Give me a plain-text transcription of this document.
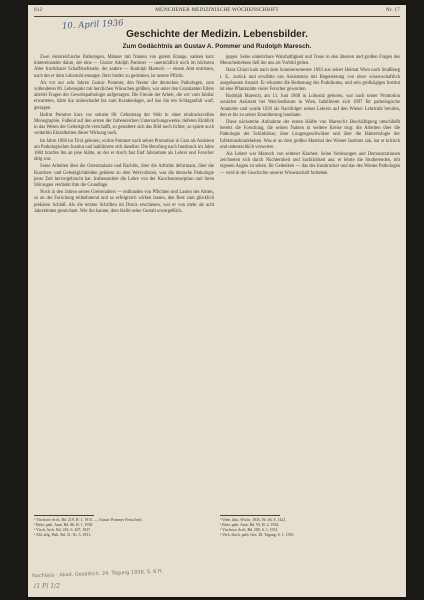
612	MÜNCHENER MEDIZINISCHE WOCHENSCHRIFT	Nr. 17
10. April 1936
Geschichte der Medizin. Lebensbilder.
Zum Gedächtnis an Gustav A. Pommer und Rudolph Maresch.

Zwei österreichische Pathologen, Männer mit Namen von gutem Klange, sanken kurz hintereinander dahin, der eine — Gustav Adolph Pommer — unermüdlich noch im höchsten Alter fruchtbarer Schaffensfreude, der andere — Rudolph Maresch — einem Amt entrissen, nach der er dem Lehrstuhl entsagte. Ihrer beider zu gedenken, ist unsere Pflicht.

Als vor nur acht Jahren Gustav Pommer, den Nestor der deutschen Pathologen, zum vollendeten 80. Lebensjahr mit herzlichen Wünschen grüßten, war unter den Gratulanten Eifers allerlei Fragen der Gewebspathologie aufgetragen. Die Freude der Arbeit, die wir vom Jubilar erwarteten, hätte ihn unbeschadet bis zum Krankenlager, auf das ihn ein Schlaganfall warf, getragen.

Hofrat Pommer kurz vor seinem 80. Geburtstag der Welt in einer eindrucksvollen Monographie, Fußend auf den ersten der farbenreichen Untersuchungswerke, tieferen Einblick in das Wesen der Gelenkgicht verschafft, so gestaltete sich das Bild noch lichter, so spärte auch weiterhin Einzelheiten dieser Wirkung nach.

Im Jahre 1868 im Tirol geboren, wirkte Pommer nach seiner Promotion in Graz als Assistent am Pathologischen Institut und habilitierte sich daselbst. Die Berufung nach Innsbruck im Jahre 1884 brachte ihn an jene Stätte, an der er durch fast fünf Jahrzehnte als Lehrer und Forscher tätig war.

Seine Arbeiten über die Osteomalazie und Rachitis, über die Arthritis deformans, über die Knochen- und Gelenkgichtleiden gehören zu dem Wertvollsten, was die deutsche Pathologie jener Zeit hervorgebracht hat. Insbesondere die Lehre von der Knochenresorption und ihren Störungen verdankt ihm die Grundlage.

Noch in den Jahren seines Greisenalters — entbunden von Pflichten und Lasten des Amtes, so an der Forschung teilnehmend und so erfolgreich wirken lassen, den Rest zum glücklich prekären Schluß. Als die letzten Schriften im Druck erschienen, war er von mehr als acht Jahrzehnten gezeichnet. Wer ihn kannte, dem bleibt seine Gestalt unvergeßlich.

gegen. Seine unbeirrbare Wahrhaftigkeit und Treue in den ältesten und großen Fragen des Menschenlebens ließ ihn uns als Vorbild gelten.

Hans Chiari kam nach dem Sommersemester 1893 aus seiner Heimat Wien nach Straßburg i. E., zurück und erwählte uns Assistenten mit Begeisterung von einer wissenschaftlich ausgebauten Anstalt. Er erkannte die Bedeutung des Praktikums, und sein großzügiges Institut ist eine Pflanzstätte vieler Forscher geworden.

Rudolph Maresch, am 13. Juni 1868 in Lobositz geboren, war nach seiner Promotion zunächst Assistent bei Weichselbaum in Wien, habilitierte sich 1897 für pathologische Anatomie und wurde 1920 als Nachfolger seines Lehrers auf den Wiener Lehrstuhl berufen, den er bis zu seiner Emeritierung innehatte.

Diese nächsterne Aufnahme der ersten Hälfte von Maresch's Beschäftigung umschließt bereits die Forschung, die seinen Namen in weitere Kreise trug: die Arbeiten über die Pathologie der Schilddrüse, über Lungengeschwülste und über die Bakteriologie der Infektionskrankheiten. Was er an dem großen Material des Wiener Instituts sah, hat er kritisch und unbestechlich verwertet.

Als Lehrer war Maresch von seltener Klarheit. Seine Vorlesungen und Demonstrationen zeichneten sich durch Nüchternheit und Sachlichkeit aus; er lehrte die Studierenden, mit eigenen Augen zu sehen. Ihr Gedenken — das des Innsbrucker und das des Wiener Pathologen — wird in der Geschichte unserer Wissenschaft fortleben.

¹ Virchows Arch. Bd. 219, H. 1, 1915. — Gustav Pommer Festschrift.
² Beitr. path. Anat. Bd. 86, H. 1, 1930.
³ Virch. Arch. Bd. 263, S. 407, 1927.
⁴ Zbl. allg. Path. Bd. 51, Nr. 5, 1931.
¹ Wien. klin. Wschr. 1935, Nr. 46, S. 1421.
² Beitr. path. Anat. Bd. 93, H. 2, 1934.
³ Virchows Arch. Bd. 280, S. 1, 1931.
⁴ Verh. dtsch. path. Ges. 28. Tagung, S. 1, 1935.
Nachlass · Akad. Gesellsch. 24. Tagung 1936, S. 6 ff.
(1 P) 1/2
